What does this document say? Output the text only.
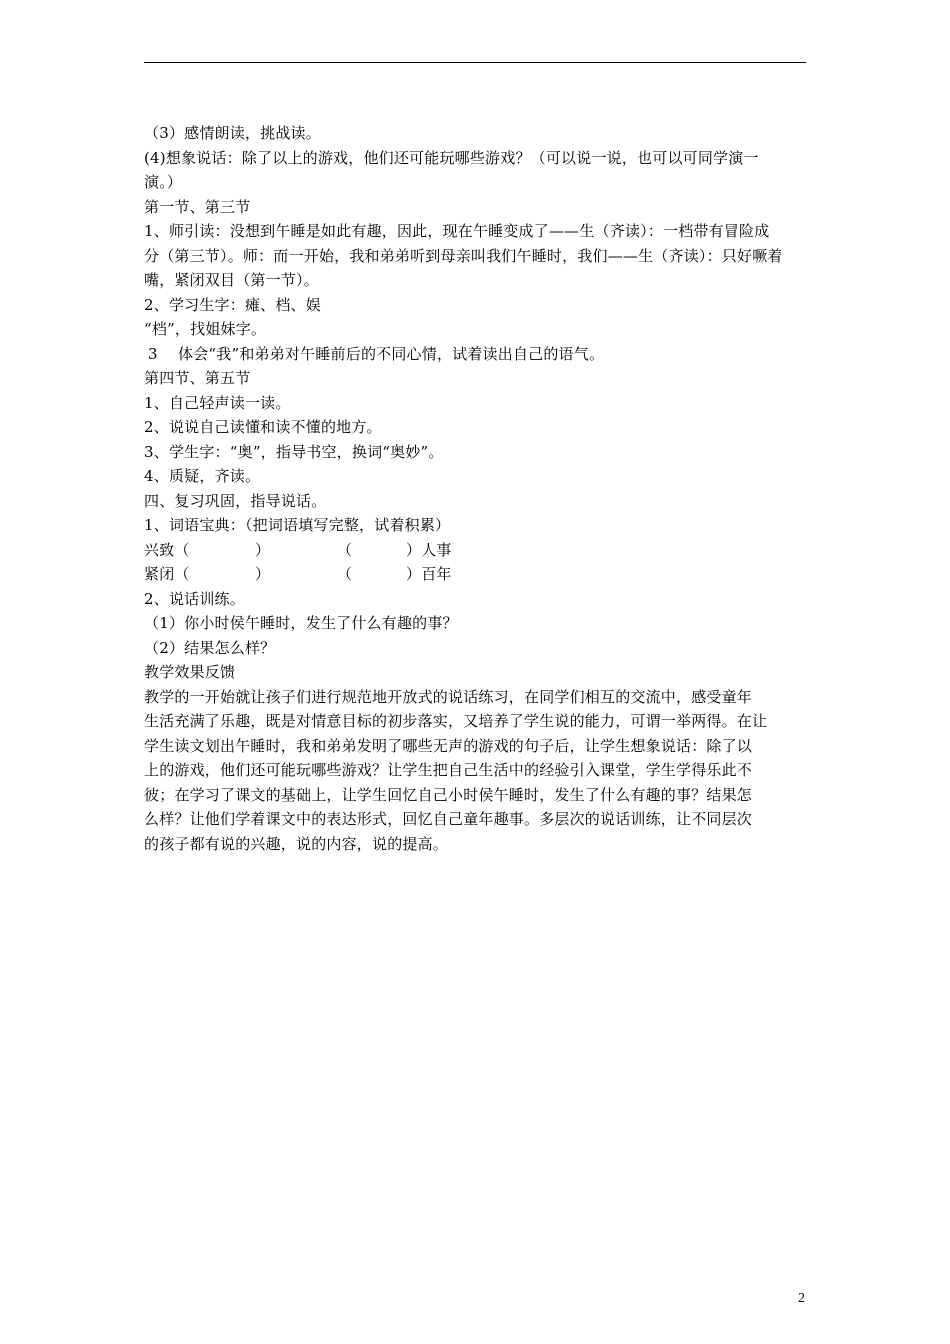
（3）感情朗读，挑战读。
(4)想象说话：除了以上的游戏，他们还可能玩哪些游戏？（可以说一说，也可以可同学演一
演。）
第一节、第三节
1、师引读：没想到午睡是如此有趣，因此，现在午睡变成了——生（齐读）：一档带有冒险成
分（第三节）。师：而一开始，我和弟弟听到母亲叫我们午睡时，我们——生（齐读）：只好噘着
嘴，紧闭双目（第一节）。
2、学习生字：瘫、档、娱
“档”，找姐妹字。
3 体会“我”和弟弟对午睡前后的不同心情，试着读出自己的语气。
第四节、第五节
1、自己轻声读一读。
2、说说自己读懂和读不懂的地方。
3、学生字：“奥”，指导书空，换词“奥妙”。
4、质疑，齐读。
四、复习巩固，指导说话。
1、词语宝典：（把词语填写完整，试着积累）
兴致（	）	（	）人事
紧闭（	）	（	）百年
2、说话训练。
（1）你小时侯午睡时，发生了什么有趣的事？
（2）结果怎么样？
教学效果反馈
教学的一开始就让孩子们进行规范地开放式的说话练习，在同学们相互的交流中，感受童年
生活充满了乐趣，既是对情意目标的初步落实，又培养了学生说的能力，可谓一举两得。在让
学生读文划出午睡时，我和弟弟发明了哪些无声的游戏的句子后，让学生想象说话：除了以
上的游戏，他们还可能玩哪些游戏？让学生把自己生活中的经验引入课堂，学生学得乐此不
彼；在学习了课文的基础上，让学生回忆自己小时侯午睡时，发生了什么有趣的事？结果怎
么样？让他们学着课文中的表达形式，回忆自己童年趣事。多层次的说话训练，让不同层次
的孩子都有说的兴趣，说的内容，说的提高。
2
